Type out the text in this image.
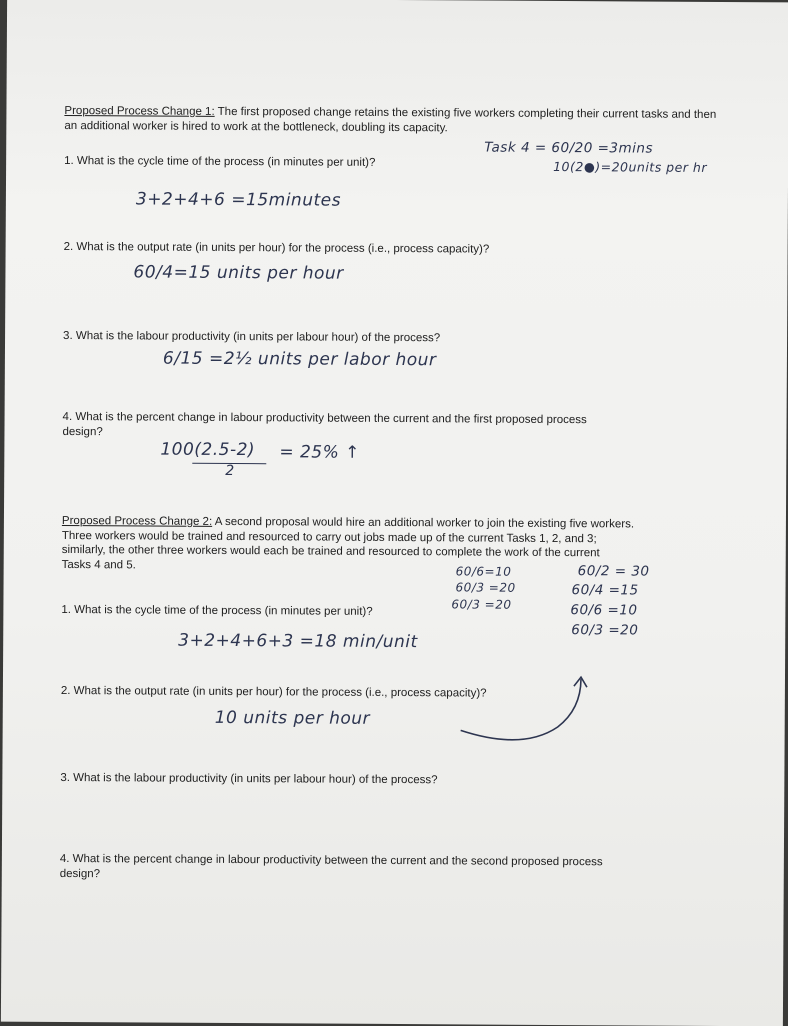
Proposed Process Change 1: The first proposed change retains the existing five workers completing their current tasks and then an additional worker is hired to work at the bottleneck, doubling its capacity.
Task 4 = 60/20 =3mins
10(2●)=20units per hr
1. What is the cycle time of the process (in minutes per unit)?
3+2+4+6 =15minutes
2. What is the output rate (in units per hour) for the process (i.e., process capacity)?
60/4=15 units per hour
3. What is the labour productivity (in units per labour hour) of the process?
6/15 =2½ units per labor hour
4. What is the percent change in labour productivity between the current and the first proposed process
design?
100(2.5-2)
2
= 25% ↑
Proposed Process Change 2: A second proposal would hire an additional worker to join the existing five workers.
Three workers would be trained and resourced to carry out jobs made up of the current Tasks 1, 2, and 3;
similarly, the other three workers would each be trained and resourced to complete the work of the current
Tasks 4 and 5.	60/6=10
60/3 =20
60/3 =20
60/2 = 30
60/4 =15
60/6 =10
60/3 =20
1. What is the cycle time of the process (in minutes per unit)?
3+2+4+6+3 =18 min/unit
2. What is the output rate (in units per hour) for the process (i.e., process capacity)?
10 units per hour
3. What is the labour productivity (in units per labour hour) of the process?
4. What is the percent change in labour productivity between the current and the second proposed process
design?
